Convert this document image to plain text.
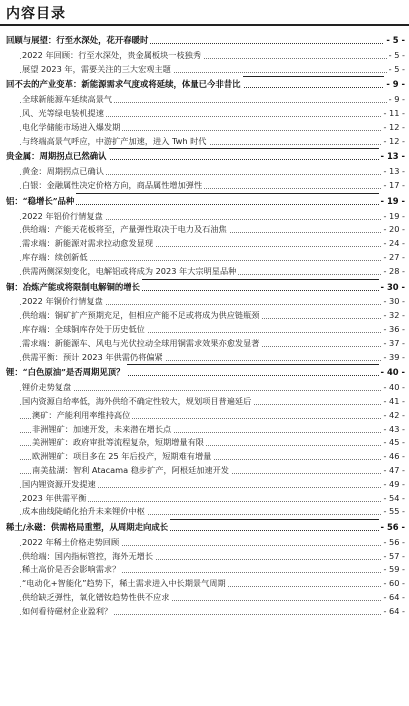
内容目录
回顾与展望：行至水深处，花开春暖时	- 5 -
2022 年回顾：行至水深处，贵金属板块一枝独秀	- 5 -
展望 2023 年，需要关注的三大宏观主题	- 5 -
回不去的产业变革：新能源需求气度或将延续，体量已今非昔比	- 9 -
全球新能源车延续高景气	- 9 -
风、光等绿电装机提速	- 11 -
电化学储能市场进入爆发期	- 12 -
与终端高景气呼应，中游扩产加速，进入 Twh 时代	- 12 -
贵金属：周期拐点已然确认	- 13 -
黄金：周期拐点已确认	- 13 -
白银：金融属性决定价格方向，商品属性增加弹性	- 17 -
铝：“稳增长”品种	- 19 -
2022 年铝价行情复盘	- 19 -
供给端：产能天花板将至，产量弹性取决于电力及石油焦	- 20 -
需求端：新能源对需求拉动愈发显现	- 24 -
库存端：续创新低	- 27 -
供需两侧深刻变化，电解铝或将成为 2023 年大宗明星品种	- 28 -
铜：冶炼产能或将限制电解铜的增长	- 30 -
2022 年铜价行情复盘	- 30 -
供给端：铜矿扩产预期充足，但相应产能不足或将成为供应链瓶颈	- 32 -
库存端：全球铜库存处于历史低位	- 36 -
需求端：新能源车、风电与光伏拉动全球用铜需求效果亦愈发显著	- 37 -
供需平衡：预计 2023 年供需仍将偏紧	- 39 -
锂：“白色原油”是否周期见顶？	- 40 -
锂价走势复盘	- 40 -
国内资源自给率低，海外供给不确定性较大，规划项目普遍延后	- 41 -
澳矿：产能利用率维持高位	- 42 -
非洲锂矿：加速开发，未来潜在增长点	- 43 -
美洲锂矿：政府审批等流程复杂，短期增量有限	- 45 -
欧洲锂矿：项目多在 25 年后投产，短期难有增量	- 46 -
南美盐湖：智利 Atacama 稳步扩产，阿根廷加速开发	- 47 -
国内锂资源开发提速	- 49 -
2023 年供需平衡	- 54 -
成本曲线陡峭化抬升未来锂价中枢	- 55 -
稀土/永磁：供需格局重塑，从周期走向成长	- 56 -
2022 年稀土价格走势回顾	- 56 -
供给端：国内指标管控，海外无增长	- 57 -
稀土高价是否会影响需求？	- 59 -
“电动化+智能化”趋势下，稀土需求进入中长期景气周期	- 60 -
供给缺乏弹性，氧化镨钕趋势性供不应求	- 64 -
如何看待磁材企业盈利？	- 64 -
